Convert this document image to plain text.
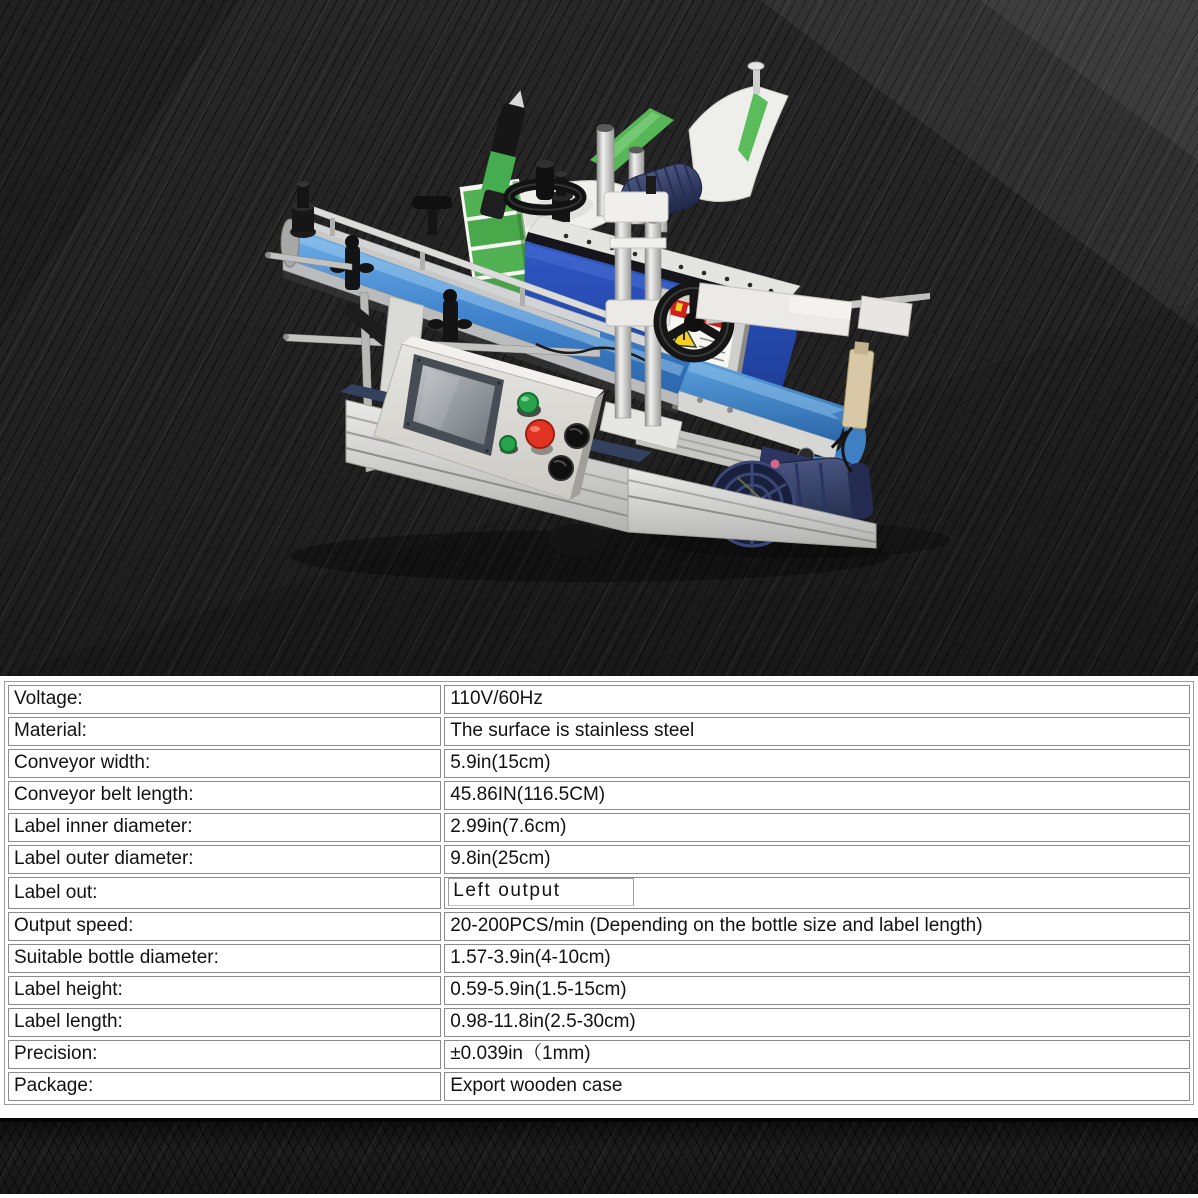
Voltage:	110V/60Hz
Material:	The surface is stainless steel
Conveyor width:	5.9in(15cm)
Conveyor belt length:	45.86IN(116.5CM)
Label inner diameter:	2.99in(7.6cm)
Label outer diameter:	9.8in(25cm)
Label out:	Left output
Output speed:	20-200PCS/min (Depending on the bottle size and label length)
Suitable bottle diameter:	1.57-3.9in(4-10cm)
Label height:	0.59-5.9in(1.5-15cm)
Label length:	0.98-11.8in(2.5-30cm)
Precision:	±0.039in（1mm)
Package:	Export wooden case
